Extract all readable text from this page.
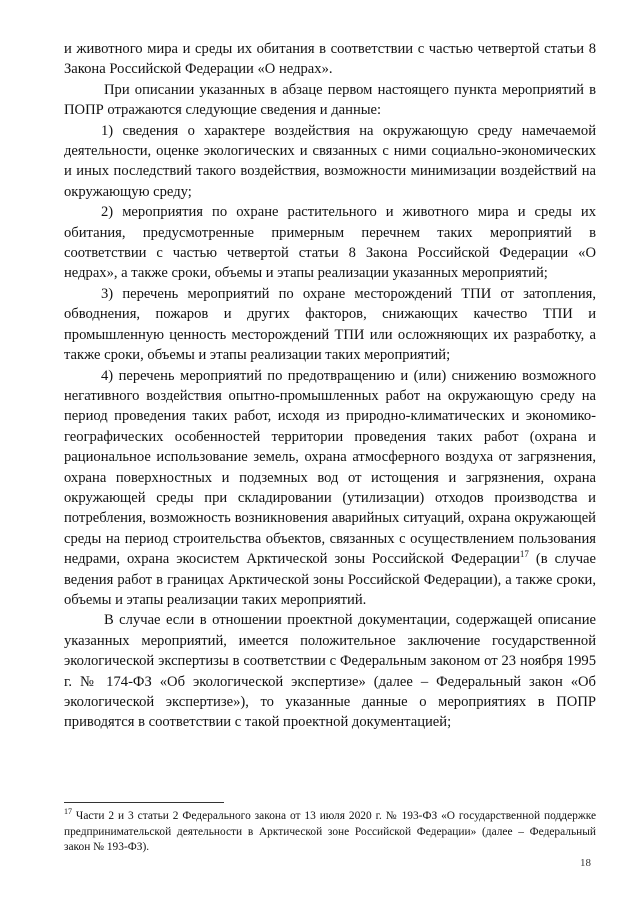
и животного мира и среды их обитания в соответствии с частью четвертой статьи 8 Закона Российской Федерации «О недрах».

При описании указанных в абзаце первом настоящего пункта мероприятий в ПОПР отражаются следующие сведения и данные:

1) сведения о характере воздействия на окружающую среду намечаемой деятельности, оценке экологических и связанных с ними социально-экономических и иных последствий такого воздействия, возможности минимизации воздействий на окружающую среду;

2) мероприятия по охране растительного и животного мира и среды их обитания, предусмотренные примерным перечнем таких мероприятий в соответствии с частью четвертой статьи 8 Закона Российской Федерации «О недрах», а также сроки, объемы и этапы реализации указанных мероприятий;

3) перечень мероприятий по охране месторождений ТПИ от затопления, обводнения, пожаров и других факторов, снижающих качество ТПИ и промышленную ценность месторождений ТПИ или осложняющих их разработку, а также сроки, объемы и этапы реализации таких мероприятий;

4) перечень мероприятий по предотвращению и (или) снижению возможного негативного воздействия опытно-промышленных работ на окружающую среду на период проведения таких работ, исходя из природно-климатических и экономико-географических особенностей территории проведения таких работ (охрана и рациональное использование земель, охрана атмосферного воздуха от загрязнения, охрана поверхностных и подземных вод от истощения и загрязнения, охрана окружающей среды при складировании (утилизации) отходов производства и потребления, возможность возникновения аварийных ситуаций, охрана окружающей среды на период строительства объектов, связанных с осуществлением пользования недрами, охрана экосистем Арктической зоны Российской Федерации$^{17}$ (в случае ведения работ в границах Арктической зоны Российской Федерации), а также сроки, объемы и этапы реализации таких мероприятий.

В случае если в отношении проектной документации, содержащей описание указанных мероприятий, имеется положительное заключение государственной экологической экспертизы в соответствии с Федеральным законом от 23 ноября 1995 г. № 174-ФЗ «Об экологической экспертизе» (далее – Федеральный закон «Об экологической экспертизе»), то указанные данные о мероприятиях в ПОПР приводятся в соответствии с такой проектной документацией;

$^{17}$ Части 2 и 3 статьи 2 Федерального закона от 13 июля 2020 г. № 193-ФЗ «О государственной поддержке предпринимательской деятельности в Арктической зоне Российской Федерации» (далее – Федеральный закон № 193-ФЗ).
18
